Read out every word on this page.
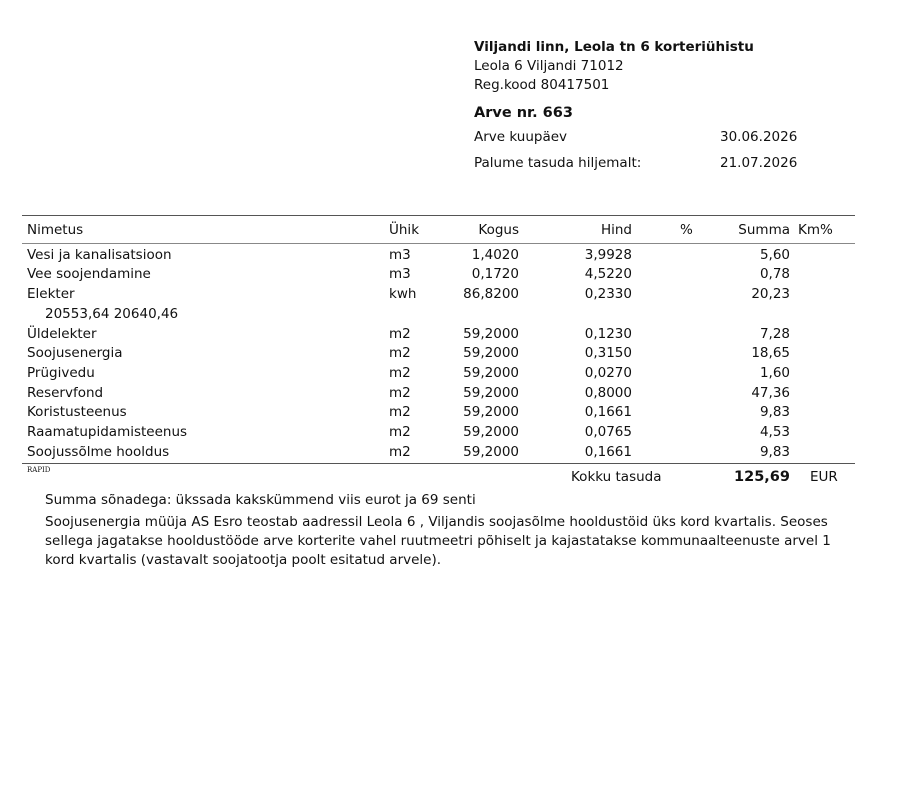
Viljandi linn, Leola tn 6 korteriühistu
Leola 6 Viljandi 71012
Reg.kood 80417501
Arve nr. 663
Arve kuupäev	30.06.2026
Palume tasuda hiljemalt:	21.07.2026
Nimetus	Ühik	Kogus	Hind	%	Summa Km%
Vesi ja kanalisatsioon	m3	1,4020	3,9928	5,60
Vee soojendamine	m3	0,1720	4,5220	0,78
Elekter	kwh	86,8200	0,2330	20,23
20553,64 20640,46
Üldelekter	m2	59,2000	0,1230	7,28
Soojusenergia	m2	59,2000	0,3150	18,65
Prügivedu	m2	59,2000	0,0270	1,60
Reservfond	m2	59,2000	0,8000	47,36
Koristusteenus	m2	59,2000	0,1661	9,83
Raamatupidamisteenus	m2	59,2000	0,0765	4,53
Soojussõlme hooldus	m2	59,2000	0,1661	9,83
RAPID	Kokku tasuda	125,69 EUR
Summa sõnadega: ükssada kakskümmend viis eurot ja 69 senti
Soojusenergia müüja AS Esro teostab aadressil Leola 6 , Viljandis soojasõlme hooldustöid üks kord kvartalis. Seoses sellega jagatakse hooldustööde arve korterite vahel ruutmeetri põhiselt ja kajastatakse kommunaalteenuste arvel 1 kord kvartalis (vastavalt soojatootja poolt esitatud arvele).
